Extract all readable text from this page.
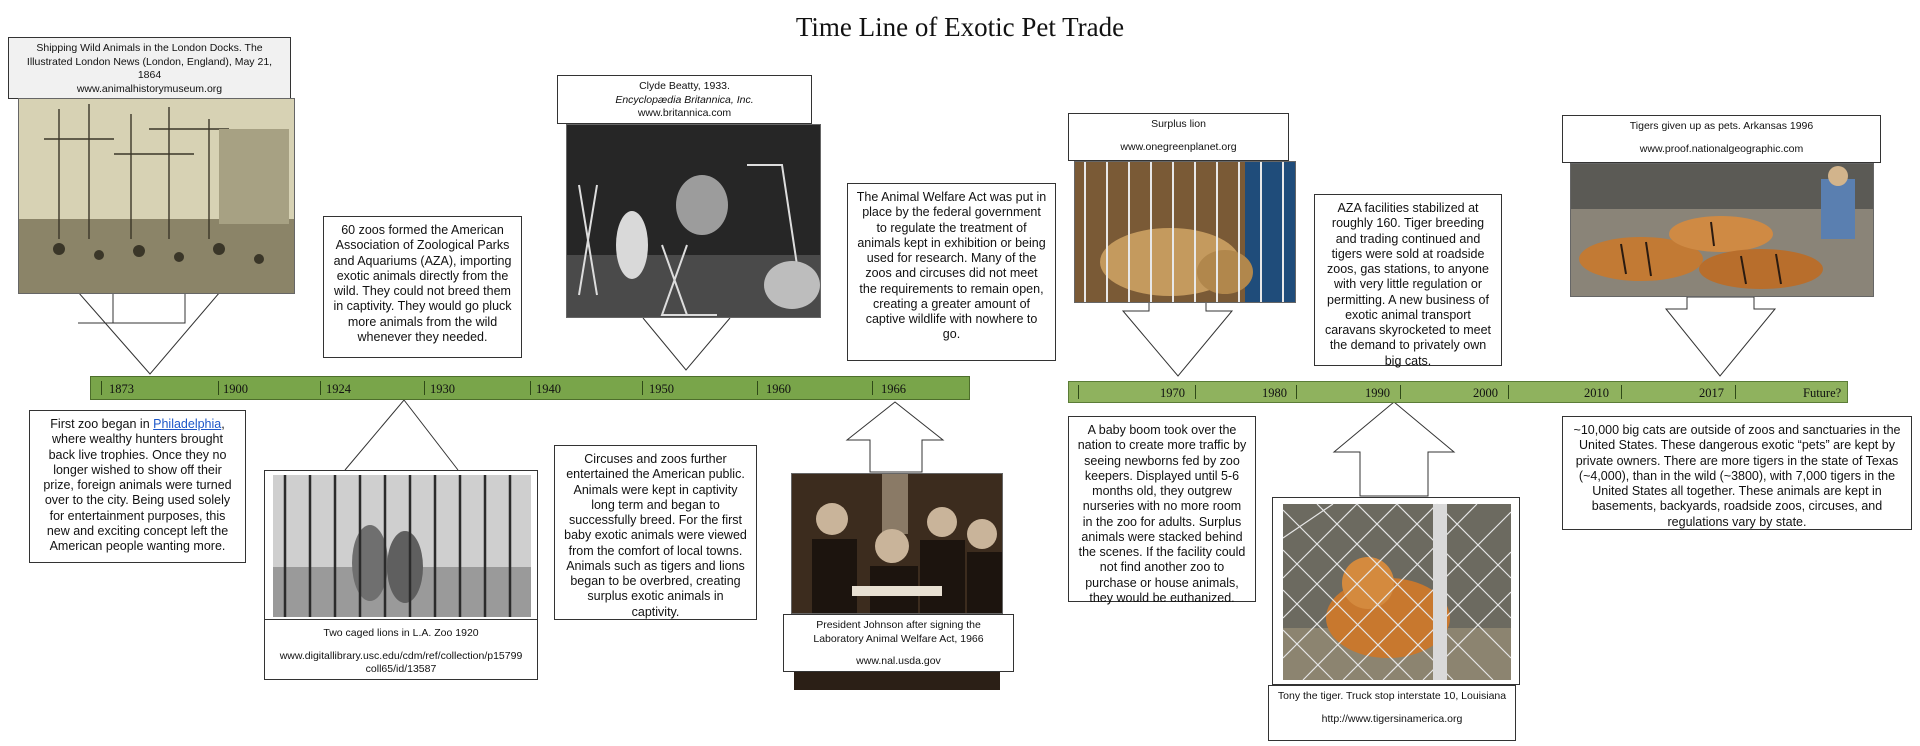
Time Line of Exotic Pet Trade
1873	1900	1924	1930	1940	1950	1960	1966	1970	1980	1990	2000	2010	2017	Future?

Shipping Wild Animals in the London Docks. The Illustrated London News (London, England), May 21, 1864

www.animalhistorymuseum.org

60 zoos formed the American Association of Zoological Parks and Aquariums (AZA), importing exotic animals directly from the wild. They could not breed them in captivity. They would go pluck more animals from the wild whenever they needed.

Clyde Beatty, 1933.

Encyclopædia Britannica, Inc.

www.britannica.com

The Animal Welfare Act was put in place by the federal government to regulate the treatment of animals kept in exhibition or being used for research. Many of the zoos and circuses did not meet the requirements to remain open, creating a greater amount of captive wildlife with nowhere to go.

Surplus lion

www.onegreenplanet.org

AZA facilities stabilized at roughly 160. Tiger breeding and trading continued and tigers were sold at roadside zoos, gas stations, to anyone with very little regulation or permitting. A new business of exotic animal transport caravans skyrocketed to meet the demand to privately own big cats.

Tigers given up as pets. Arkansas 1996

www.proof.nationalgeographic.com

First zoo began in Philadelphia, where wealthy hunters brought back live trophies. Once they no longer wished to show off their prize, foreign animals were turned over to the city. Being used solely for entertainment purposes, this new and exciting concept left the American people wanting more.

Two caged lions in L.A. Zoo 1920

www.digitallibrary.usc.edu/cdm/ref/collection/p15799 coll65/id/13587

Circuses and zoos further entertained the American public. Animals were kept in captivity long term and began to successfully breed. For the first baby exotic animals were viewed from the comfort of local towns. Animals such as tigers and lions began to be overbred, creating surplus exotic animals in captivity.

President Johnson after signing the Laboratory Animal Welfare Act, 1966

www.nal.usda.gov

A baby boom took over the nation to create more traffic by seeing newborns fed by zoo keepers. Displayed until 5-6 months old, they outgrew nurseries with no more room in the zoo for adults. Surplus animals were stacked behind the scenes. If the facility could not find another zoo to purchase or house animals, they would be euthanized.

Tony the tiger. Truck stop interstate 10, Louisiana

http://www.tigersinamerica.org

~10,000 big cats are outside of zoos and sanctuaries in the United States. These dangerous exotic “pets” are kept by private owners. There are more tigers in the state of Texas (~4,000), than in the wild (~3800), with 7,000 tigers in the United States all together. These animals are kept in basements, backyards, roadside zoos, circuses, and regulations vary by state.
